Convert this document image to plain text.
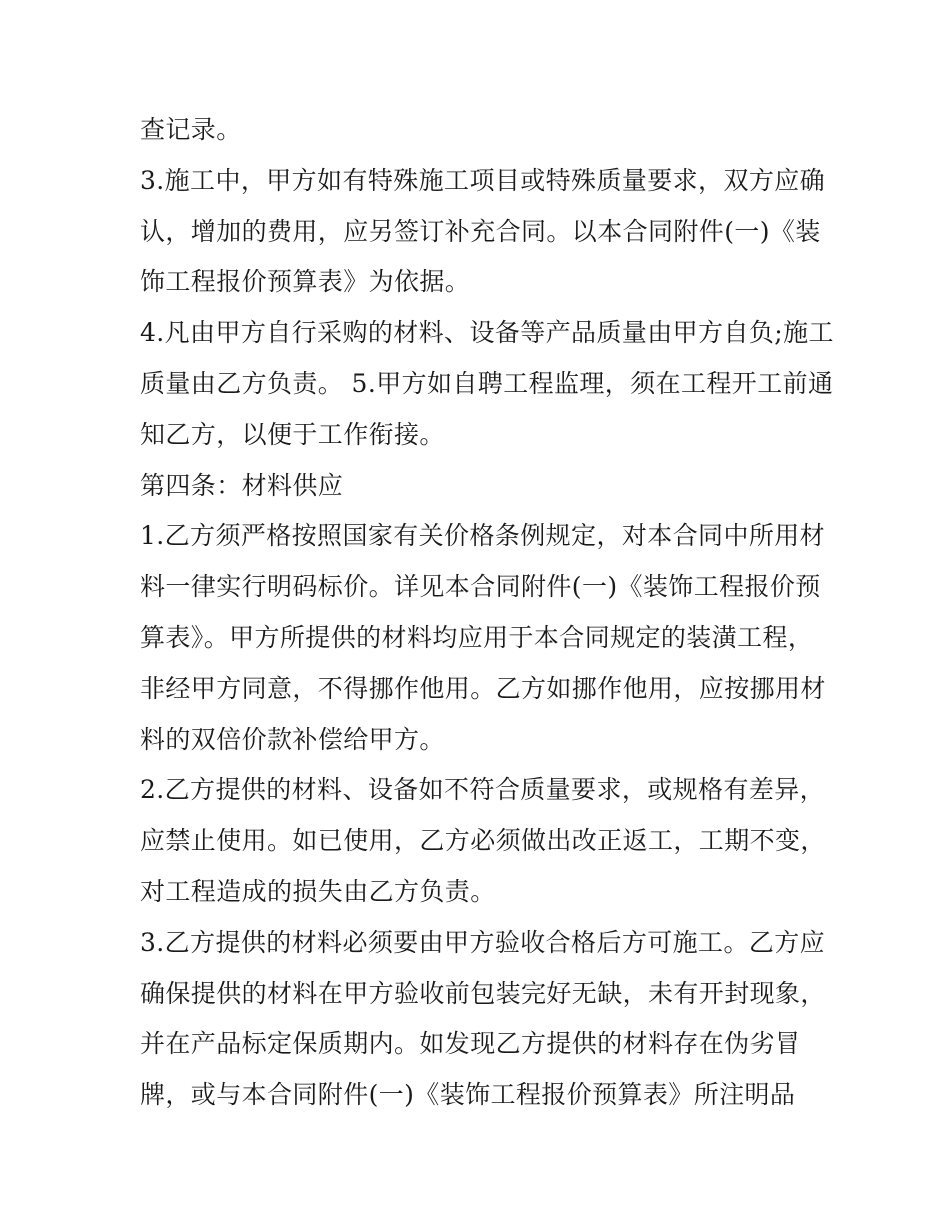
查记录。
3.施工中，甲方如有特殊施工项目或特殊质量要求，双方应确
认，增加的费用，应另签订补充合同。以本合同附件(一)《装
饰工程报价预算表》为依据。
4.凡由甲方自行采购的材料、设备等产品质量由甲方自负;施工
质量由乙方负责。 5.甲方如自聘工程监理，须在工程开工前通
知乙方，以便于工作衔接。
第四条：材料供应
1.乙方须严格按照国家有关价格条例规定，对本合同中所用材
料一律实行明码标价。详见本合同附件(一)《装饰工程报价预
算表》。甲方所提供的材料均应用于本合同规定的装潢工程，
非经甲方同意，不得挪作他用。乙方如挪作他用，应按挪用材
料的双倍价款补偿给甲方。
2.乙方提供的材料、设备如不符合质量要求，或规格有差异，
应禁止使用。如已使用，乙方必须做出改正返工，工期不变，
对工程造成的损失由乙方负责。
3.乙方提供的材料必须要由甲方验收合格后方可施工。乙方应
确保提供的材料在甲方验收前包装完好无缺，未有开封现象，
并在产品标定保质期内。如发现乙方提供的材料存在伪劣冒
牌，或与本合同附件(一)《装饰工程报价预算表》所注明品
